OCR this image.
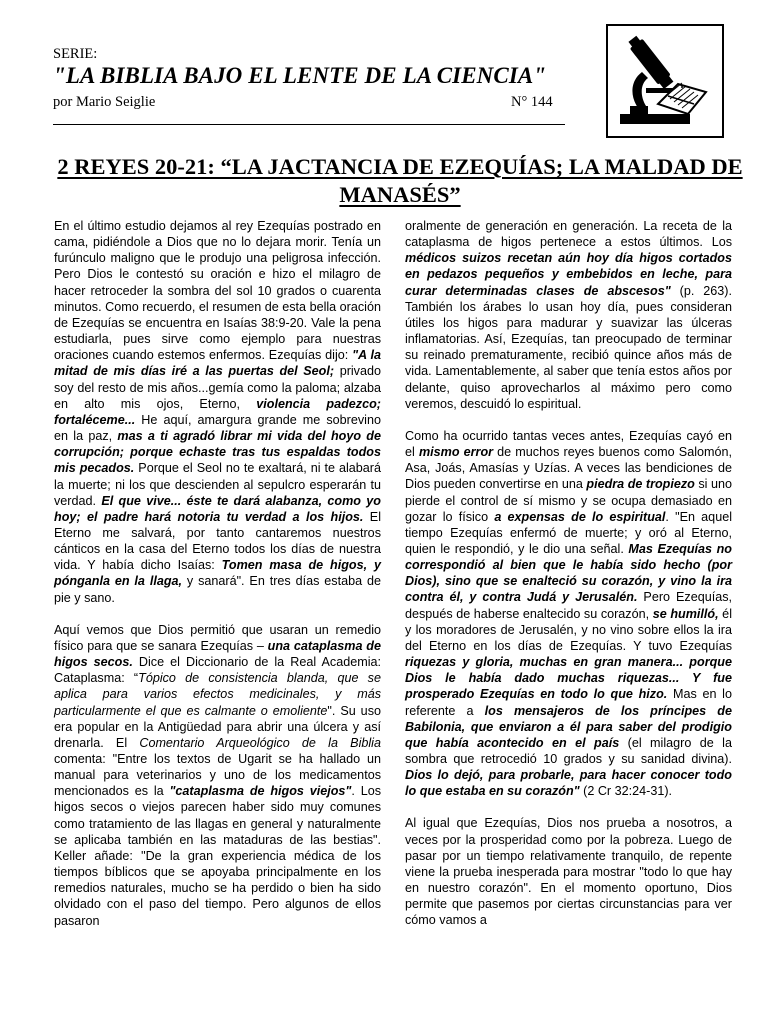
SERIE:
"LA BIBLIA BAJO EL LENTE DE LA CIENCIA"
por Mario Seiglie	N° 144
2 REYES 20-21: “LA JACTANCIA DE EZEQUÍAS; LA MALDAD DE MANASÉS”

En el último estudio dejamos al rey Ezequías postrado en cama, pidiéndole a Dios que no lo dejara morir. Tenía un furúnculo maligno que le produjo una peligrosa infección. Pero Dios le contestó su oración e hizo el milagro de hacer retroceder la sombra del sol 10 grados o cuarenta minutos. Como recuerdo, el resumen de esta bella oración de Ezequías se encuentra en Isaías 38:9-20. Vale la pena estudiarla, pues sirve como ejemplo para nuestras oraciones cuando estemos enfermos. Ezequías dijo: "A la mitad de mis días iré a las puertas del Seol; privado soy del resto de mis años...gemía como la paloma; alzaba en alto mis ojos, Eterno, violencia padezco; fortaléceme... He aquí, amargura grande me sobrevino en la paz, mas a ti agradó librar mi vida del hoyo de corrupción; porque echaste tras tus espaldas todos mis pecados. Porque el Seol no te exaltará, ni te alabará la muerte; ni los que descienden al sepulcro esperarán tu verdad. El que vive... éste te dará alabanza, como yo hoy; el padre hará notoria tu verdad a los hijos. El Eterno me salvará, por tanto cantaremos nuestros cánticos en la casa del Eterno todos los días de nuestra vida. Y había dicho Isaías: Tomen masa de higos, y pónganla en la llaga, y sanará". En tres días estaba de pie y sano.

Aquí vemos que Dios permitió que usaran un remedio físico para que se sanara Ezequías – una cataplasma de higos secos. Dice el Diccionario de la Real Academia: Cataplasma: “Tópico de consistencia blanda, que se aplica para varios efectos medicinales, y más particularmente el que es calmante o emoliente". Su uso era popular en la Antigüedad para abrir una úlcera y así drenarla. El Comentario Arqueológico de la Biblia comenta: "Entre los textos de Ugarit se ha hallado un manual para veterinarios y uno de los medicamentos mencionados es la "cataplasma de higos viejos". Los higos secos o viejos parecen haber sido muy comunes como tratamiento de las llagas en general y naturalmente se aplicaba también en las mataduras de las bestias". Keller añade: "De la gran experiencia médica de los tiempos bíblicos que se apoyaba principalmente en los remedios naturales, mucho se ha perdido o bien ha sido olvidado con el paso del tiempo. Pero algunos de ellos pasaron

oralmente de generación en generación. La receta de la cataplasma de higos pertenece a estos últimos. Los médicos suizos recetan aún hoy día higos cortados en pedazos pequeños y embebidos en leche, para curar determinadas clases de abscesos" (p. 263). También los árabes lo usan hoy día, pues consideran útiles los higos para madurar y suavizar las úlceras inflamatorias. Así, Ezequías, tan preocupado de terminar su reinado prematuramente, recibió quince años más de vida. Lamentablemente, al saber que tenía estos años por delante, quiso aprovecharlos al máximo pero como veremos, descuidó lo espiritual.

Como ha ocurrido tantas veces antes, Ezequías cayó en el mismo error de muchos reyes buenos como Salomón, Asa, Joás, Amasías y Uzías. A veces las bendiciones de Dios pueden convertirse en una piedra de tropiezo si uno pierde el control de sí mismo y se ocupa demasiado en gozar lo físico a expensas de lo espiritual. "En aquel tiempo Ezequías enfermó de muerte; y oró al Eterno, quien le respondió, y le dio una señal. Mas Ezequías no correspondió al bien que le había sido hecho (por Dios), sino que se enalteció su corazón, y vino la ira contra él, y contra Judá y Jerusalén. Pero Ezequías, después de haberse enaltecido su corazón, se humilló, él y los moradores de Jerusalén, y no vino sobre ellos la ira del Eterno en los días de Ezequías. Y tuvo Ezequías riquezas y gloria, muchas en gran manera... porque Dios le había dado muchas riquezas... Y fue prosperado Ezequías en todo lo que hizo. Mas en lo referente a los mensajeros de los príncipes de Babilonia, que enviaron a él para saber del prodigio que había acontecido en el país (el milagro de la sombra que retrocedió 10 grados y su sanidad divina). Dios lo dejó, para probarle, para hacer conocer todo lo que estaba en su corazón" (2 Cr 32:24-31).

Al igual que Ezequías, Dios nos prueba a nosotros, a veces por la prosperidad como por la pobreza. Luego de pasar por un tiempo relativamente tranquilo, de repente viene la prueba inesperada para mostrar "todo lo que hay en nuestro corazón". En el momento oportuno, Dios permite que pasemos por ciertas circunstancias para ver cómo vamos a
